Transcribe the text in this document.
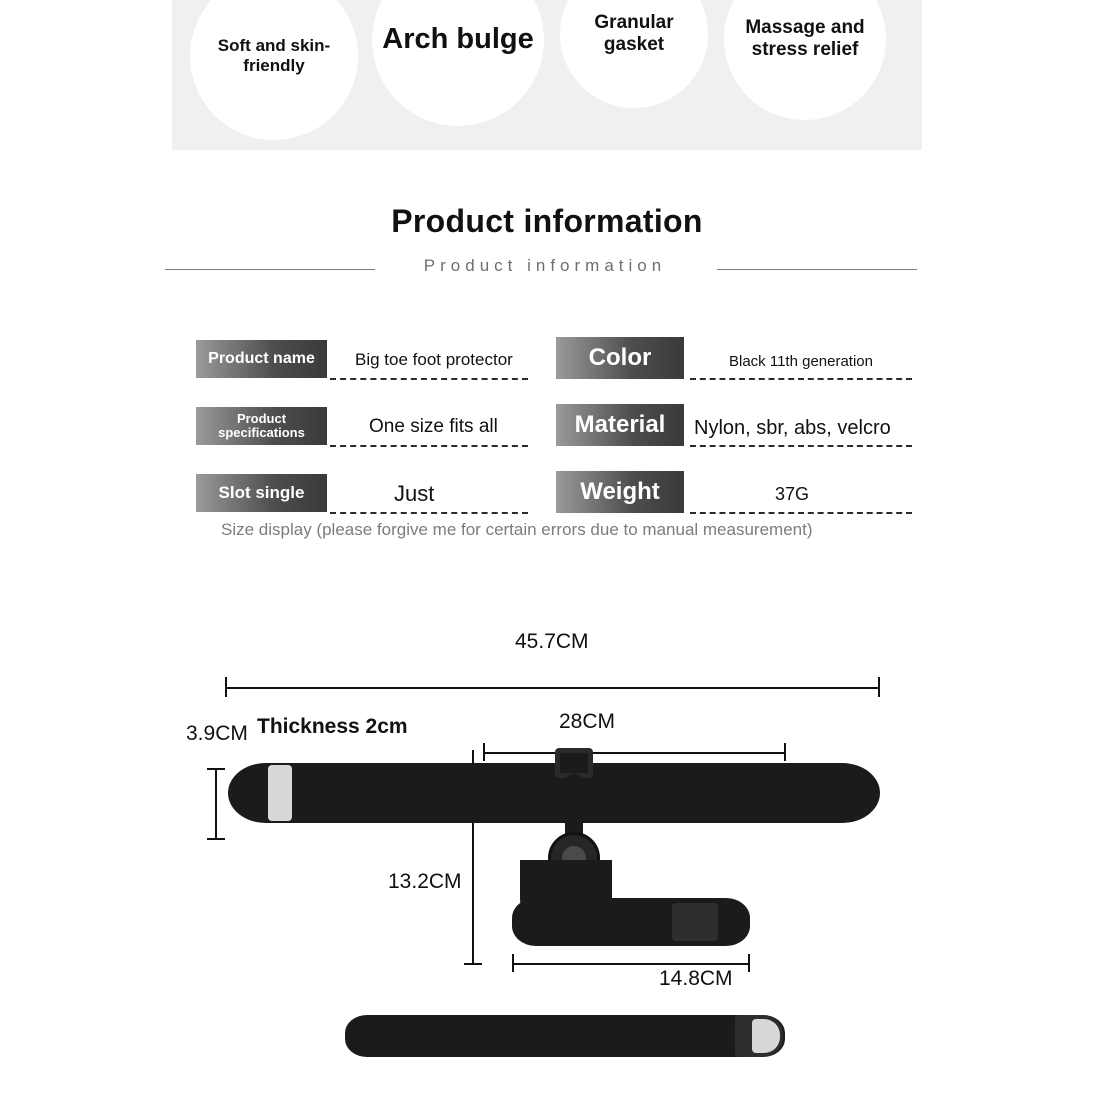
Soft and skin-friendly
Arch bulge
Granular gasket
Massage and stress relief
Product information
Product information
Product name	Big toe foot protector	Color	Black 11th generation
Product specifications	One size fits all	Material	Nylon, sbr, abs, velcro
Slot single	Just	Weight	37G
Size display (please forgive me for certain errors due to manual measurement)
45.7CM
3.9CM Thickness 2cm	28CM
13.2CM
14.8CM
